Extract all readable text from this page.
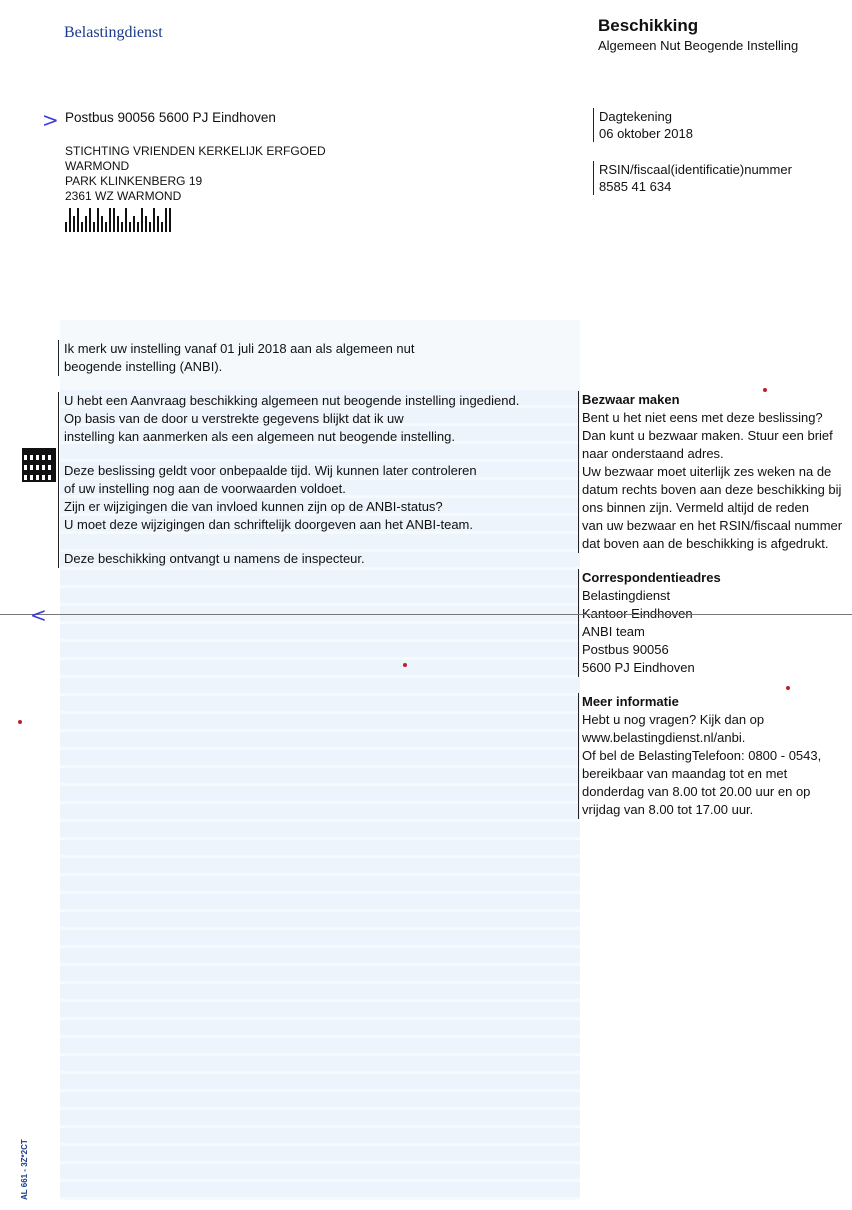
Belastingdienst	Beschikking
Algemeen Nut Beogende Instelling
> Postbus 90056 5600 PJ Eindhoven
STICHTING VRIENDEN KERKELIJK ERFGOED
WARMOND
PARK KLINKENBERG 19
2361 WZ WARMOND
Dagtekening
06 oktober 2018
RSIN/fiscaal(identificatie)nummer
8585 41 634

Ik merk uw instelling vanaf 01 juli 2018 aan als algemeen nut

beogende instelling (ANBI).

U hebt een Aanvraag beschikking algemeen nut beogende instelling ingediend.

Op basis van de door u verstrekte gegevens blijkt dat ik uw

instelling kan aanmerken als een algemeen nut beogende instelling.

Deze beslissing geldt voor onbepaalde tijd. Wij kunnen later controleren

of uw instelling nog aan de voorwaarden voldoet.

Zijn er wijzigingen die van invloed kunnen zijn op de ANBI-status?

U moet deze wijzigingen dan schriftelijk doorgeven aan het ANBI-team.

Deze beschikking ontvangt u namens de inspecteur.

Bezwaar maken
Bent u het niet eens met deze beslissing?
Dan kunt u bezwaar maken. Stuur een brief
naar onderstaand adres.
Uw bezwaar moet uiterlijk zes weken na de
datum rechts boven aan deze beschikking bij
ons binnen zijn. Vermeld altijd de reden
van uw bezwaar en het RSIN/fiscaal nummer
dat boven aan de beschikking is afgedrukt.
Correspondentieadres
Belastingdienst
Kantoor Eindhoven
ANBI team
Postbus 90056
5600 PJ Eindhoven
Meer informatie
Hebt u nog vragen? Kijk dan op
www.belastingdienst.nl/anbi.
Of bel de BelastingTelefoon: 0800 - 0543,
bereikbaar van maandag tot en met
donderdag van 8.00 tot 20.00 uur en op
vrijdag van 8.00 tot 17.00 uur.
<
AL 661 - 3Z*2CT
